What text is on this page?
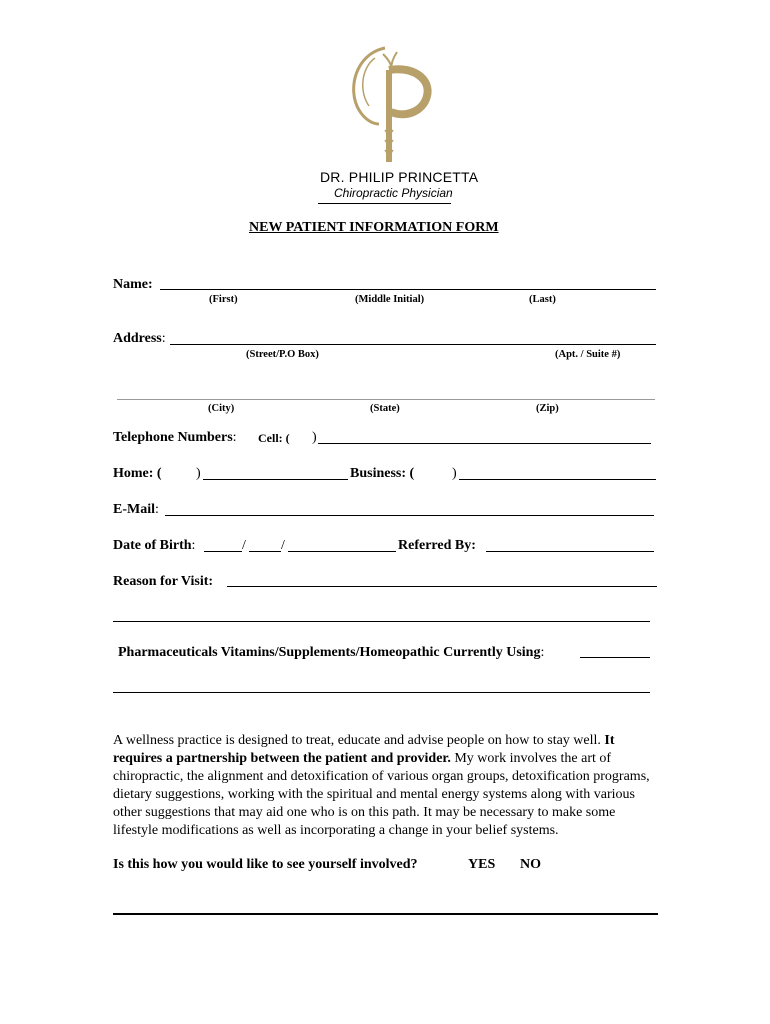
DR. PHILIP PRINCETTA
Chiropractic Physician
NEW PATIENT INFORMATION FORM
Name:
(First)	(Middle Initial)	(Last)
Address:
(Street/P.O Box)	(Apt. / Suite #)
(City)	(State)	(Zip)
Telephone Numbers: Cell: ( )
Home: ( )	Business: (	)
E-Mail:
Date of Birth:	/	/	Referred By:
Reason for Visit:
Pharmaceuticals Vitamins/Supplements/Homeopathic Currently Using:
A wellness practice is designed to treat, educate and advise people on how to stay well. It requires a partnership between the patient and provider. My work involves the art of chiropractic, the alignment and detoxification of various organ groups, detoxification programs, dietary suggestions, working with the spiritual and mental energy systems along with various other suggestions that may aid one who is on this path. It may be necessary to make some lifestyle modifications as well as incorporating a change in your belief systems.
Is this how you would like to see yourself involved?	YES NO
